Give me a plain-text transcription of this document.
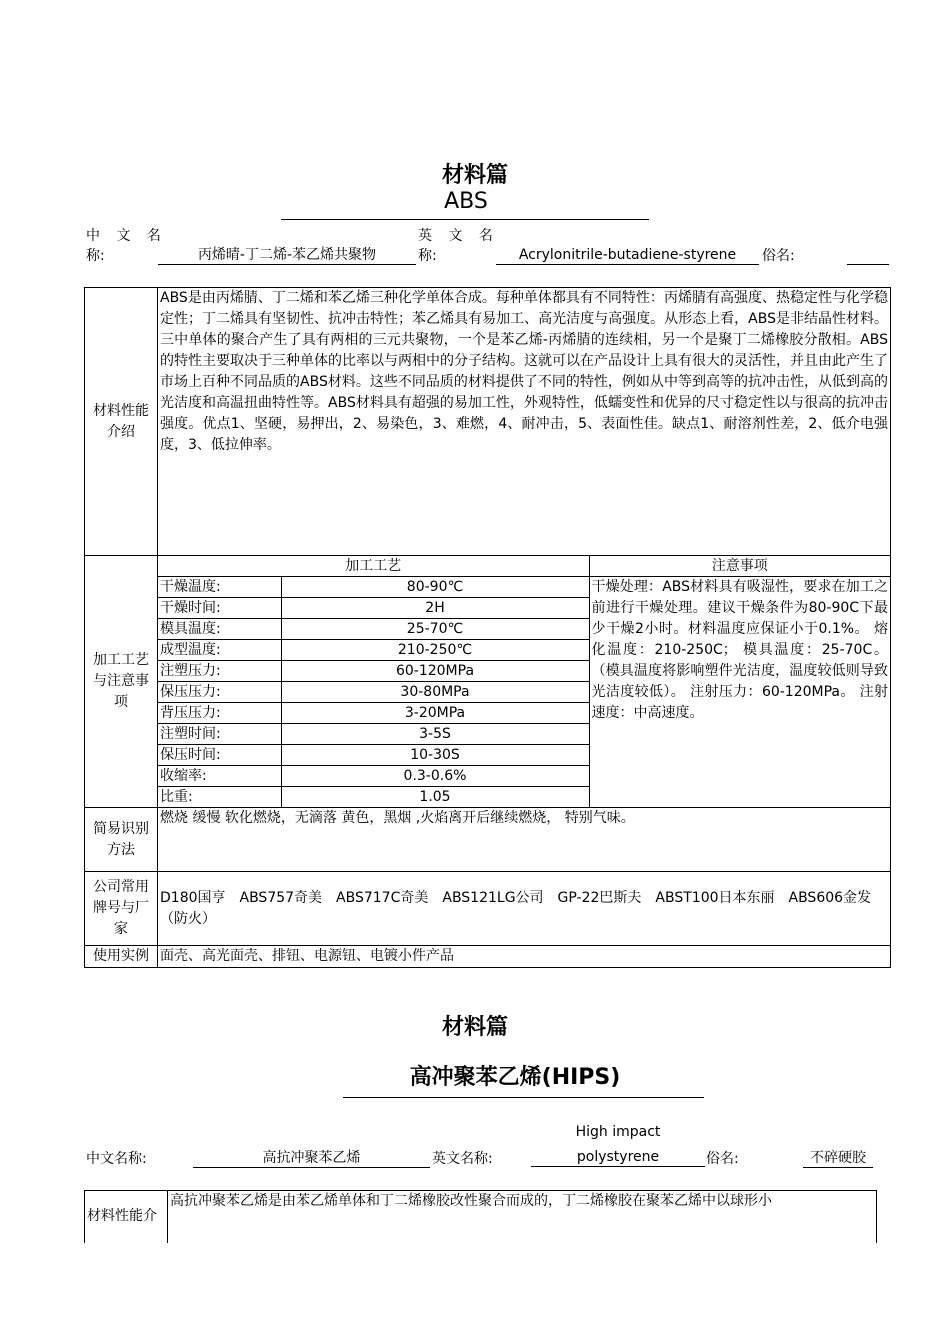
材料篇
ABS
中 文 名
称:	丙烯晴-丁二烯-苯乙烯共聚物
英 文 名
称:	Acrylonitrile-butadiene-styrene	俗名:
材料性能介绍	ABS是由丙烯腈、丁二烯和苯乙烯三种化学单体合成。每种单体都具有不同特性：丙烯腈有高强度、热稳定性与化学稳定性；丁二烯具有坚韧性、抗冲击特性；苯乙烯具有易加工、高光洁度与高强度。从形态上看，ABS是非结晶性材料。三中单体的聚合产生了具有两相的三元共聚物，一个是苯乙烯-丙烯腈的连续相，另一个是聚丁二烯橡胶分散相。ABS的特性主要取决于三种单体的比率以与两相中的分子结构。这就可以在产品设计上具有很大的灵活性，并且由此产生了市场上百种不同品质的ABS材料。这些不同品质的材料提供了不同的特性，例如从中等到高等的抗冲击性，从低到高的光洁度和高温扭曲特性等。ABS材料具有超强的易加工性，外观特性，低蠕变性和优异的尺寸稳定性以与很高的抗冲击强度。优点1、坚硬，易押出，2、易染色，3、难燃，4、耐冲击，5、表面性佳。缺点1、耐溶剂性差，2、低介电强度，3、低拉伸率。
加工工艺与注意事项	
加工工艺	注意事项
干燥温度:	80-90℃	干燥处理：ABS材料具有吸湿性，要求在加工之前进行干燥处理。建议干燥条件为80-90C下最少干燥2小时。材料温度应保证小于0.1%。 熔化温度：210-250C； 模具温度：25-70C。（模具温度将影响塑件光洁度，温度较低则导致光洁度较低）。 注射压力：60-120MPa。 注射速度：中高速度。
干燥时间:	2H
模具温度:	25-70℃
成型温度:	210-250℃
注塑压力:	60-120MPa
保压压力:	30-80MPa
背压压力:	3-20MPa
注塑时间:	3-5S
保压时间:	10-30S
收缩率:	0.3-0.6%
比重:	1.05

简易识别方法	燃烧 缓慢 软化燃烧，无滴落 黄色，黑烟 ,火焰离开后继续燃烧， 特别气味。
公司常用牌号与厂家	D180国亨　ABS757奇美　ABS717C奇美　ABS121LG公司　GP-22巴斯夫　ABST100日本东丽　ABS606金发（防火）
使用实例	面壳、高光面壳、排钮、电源钮、电镀小件产品
材料篇
高冲聚苯乙烯(HIPS)
中文名称:	高抗冲聚苯乙烯	英文名称:
High impact
polystyrene	俗名:	不碎硬胶
材料性能介	高抗冲聚苯乙烯是由苯乙烯单体和丁二烯橡胶改性聚合而成的，丁二烯橡胶在聚苯乙烯中以球形小
